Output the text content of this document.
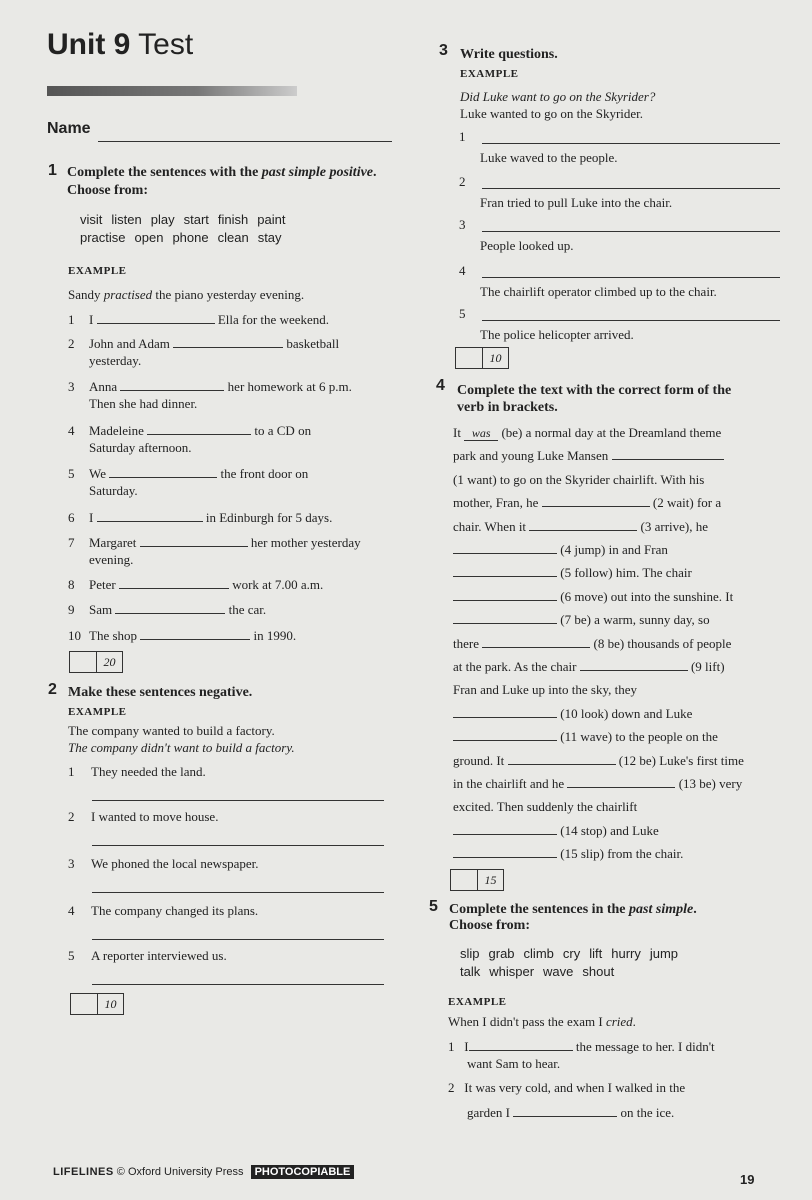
Unit 9 Test
Name
1 Complete the sentences with the past simple positive. Choose from:
visit listen play start finish paint
practise open phone clean stay
EXAMPLE
Sandy practised the piano yesterday evening.
1 I	Ella for the weekend.
2 John and Adam	basketball
yesterday.
3 Anna	her homework at 6 p.m.
Then she had dinner.
4 Madeleine	to a CD on
Saturday afternoon.
5 We	the front door on
Saturday.
6 I	in Edinburgh for 5 days.
7 Margaret	her mother yesterday
evening.
8 Peter	work at 7.00 a.m.
9 Sam	the car.
10 The shop	in 1990.
20
2 Make these sentences negative.
EXAMPLE
The company wanted to build a factory.
The company didn't want to build a factory.
1 They needed the land.
2 I wanted to move house.
3 We phoned the local newspaper.
4 The company changed its plans.
5 A reporter interviewed us.
10
3 Write questions.
EXAMPLE
Did Luke want to go on the Skyrider?
Luke wanted to go on the Skyrider.
1
Luke waved to the people.
2
Fran tried to pull Luke into the chair.
3
People looked up.
4
The chairlift operator climbed up to the chair.
5
The police helicopter arrived.
10
4 Complete the text with the correct form of the
verb in brackets.
It was (be) a normal day at the Dreamland theme
park and young Luke Mansen
(1 want) to go on the Skyrider chairlift. With his
mother, Fran, he	(2 wait) for a
chair. When it	(3 arrive), he
(4 jump) in and Fran
(5 follow) him. The chair
(6 move) out into the sunshine. It
(7 be) a warm, sunny day, so
there	(8 be) thousands of people
at the park. As the chair	(9 lift)
Fran and Luke up into the sky, they
(10 look) down and Luke
(11 wave) to the people on the
ground. It	(12 be) Luke's first time
in the chairlift and he	(13 be) very
excited. Then suddenly the chairlift
(14 stop) and Luke
(15 slip) from the chair.
15
5 Complete the sentences in the past simple.
Choose from:
slip grab climb cry lift hurry jump
talk whisper wave shout
EXAMPLE
When I didn't pass the exam I cried.
1 I	the message to her. I didn't
want Sam to hear.
2 It was very cold, and when I walked in the
garden I	on the ice.
LIFELINES © Oxford University Press PHOTOCOPIABLE	19
